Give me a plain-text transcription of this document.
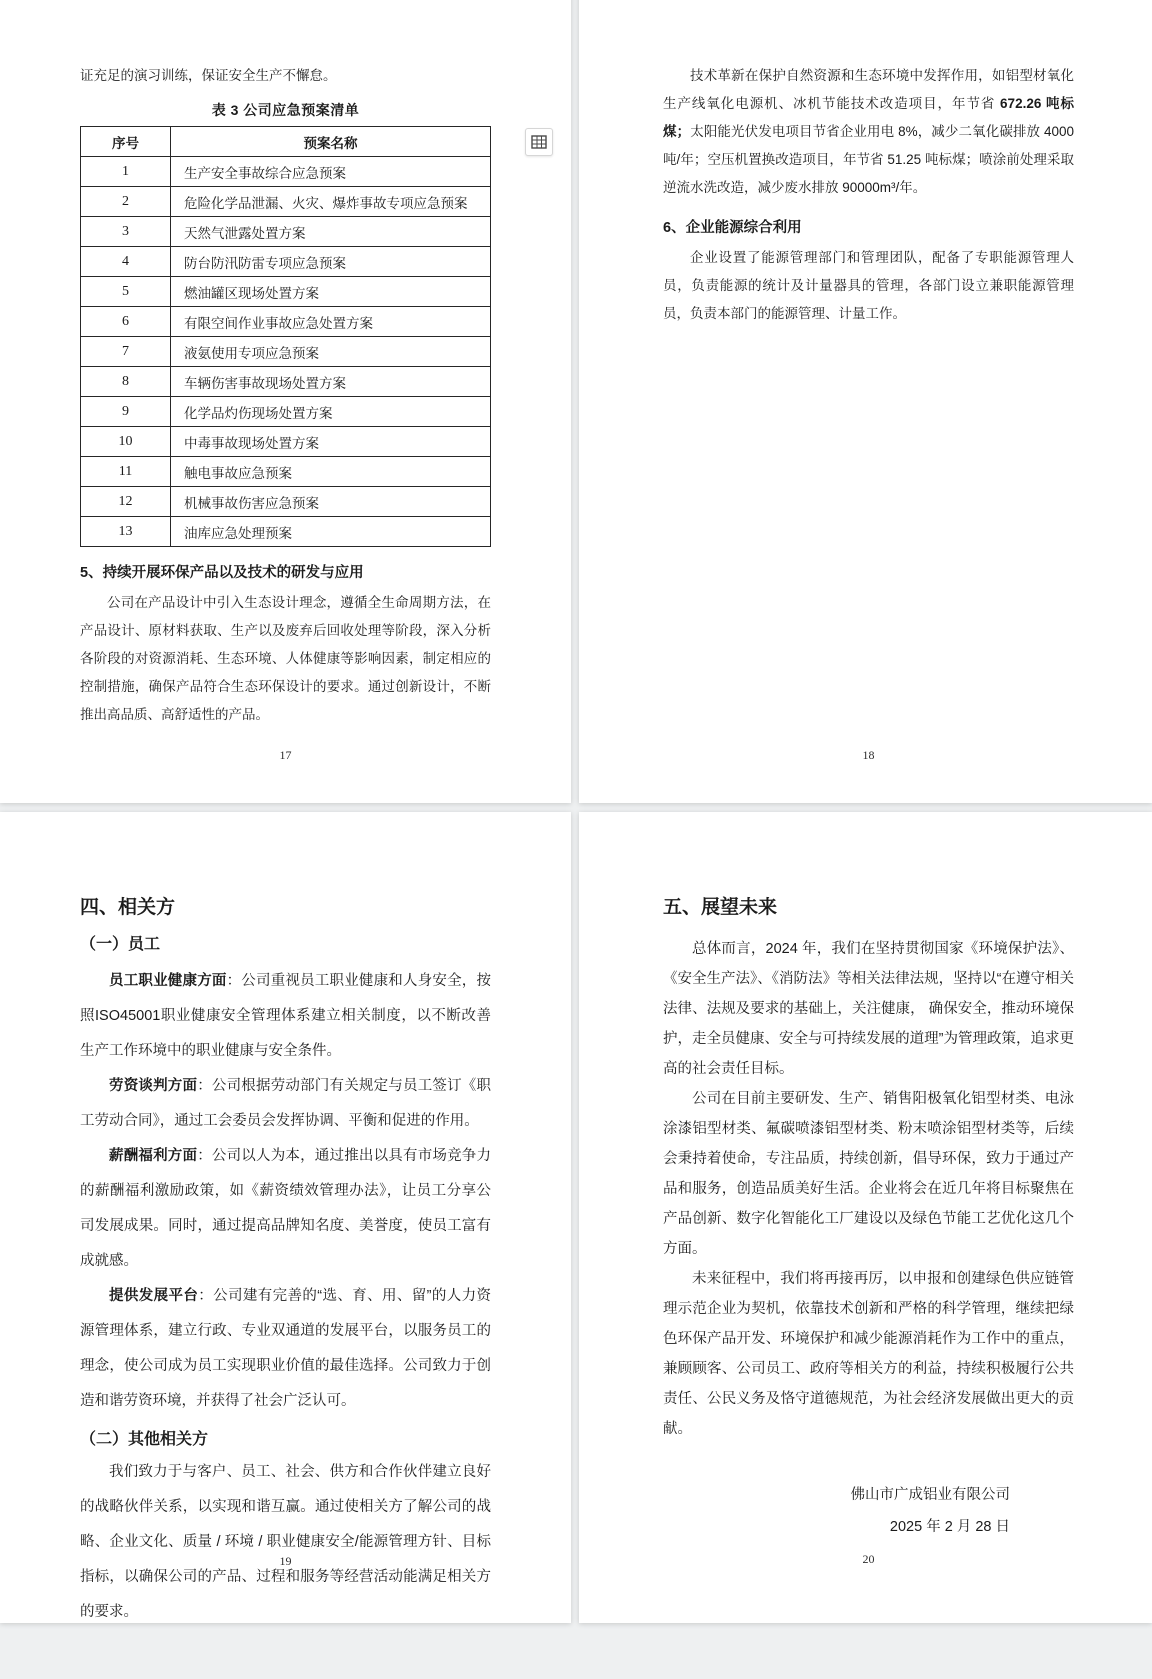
证充足的演习训练，保证安全生产不懈怠。

表 3 公司应急预案清单
序号	预案名称
1	生产安全事故综合应急预案
2	危险化学品泄漏、火灾、爆炸事故专项应急预案
3	天然气泄露处置方案
4	防台防汛防雷专项应急预案
5	燃油罐区现场处置方案
6	有限空间作业事故应急处置方案
7	液氨使用专项应急预案
8	车辆伤害事故现场处置方案
9	化学品灼伤现场处置方案
10	中毒事故现场处置方案
11	触电事故应急预案
12	机械事故伤害应急预案
13	油库应急处理预案
5、持续开展环保产品以及技术的研发与应用

公司在产品设计中引入生态设计理念，遵循全生命周期方法，在产品设计、原材料获取、生产以及废弃后回收处理等阶段，深入分析各阶段的对资源消耗、生态环境、人体健康等影响因素，制定相应的控制措施，确保产品符合生态环保设计的要求。通过创新设计，不断推出高品质、高舒适性的产品。

17

技术革新在保护自然资源和生态环境中发挥作用，如铝型材氧化生产线氧化电源机、冰机节能技术改造项目，年节省 672.26 吨标煤；太阳能光伏发电项目节省企业用电 8%，减少二氧化碳排放 4000 吨/年；空压机置换改造项目，年节省 51.25 吨标煤；喷涂前处理采取逆流水洗改造，减少废水排放 90000m³/年。

6、企业能源综合利用

企业设置了能源管理部门和管理团队，配备了专职能源管理人员，负责能源的统计及计量器具的管理，各部门设立兼职能源管理员，负责本部门的能源管理、计量工作。

18
四、相关方
（一）员工

员工职业健康方面：公司重视员工职业健康和人身安全，按照ISO45001职业健康安全管理体系建立相关制度，以不断改善生产工作环境中的职业健康与安全条件。

劳资谈判方面：公司根据劳动部门有关规定与员工签订《职工劳动合同》，通过工会委员会发挥协调、平衡和促进的作用。

薪酬福利方面：公司以人为本，通过推出以具有市场竞争力的薪酬福利激励政策，如《薪资绩效管理办法》，让员工分享公司发展成果。同时，通过提高品牌知名度、美誉度，使员工富有成就感。

提供发展平台：公司建有完善的“选、育、用、留”的人力资源管理体系，建立行政、专业双通道的发展平台，以服务员工的理念，使公司成为员工实现职业价值的最佳选择。公司致力于创造和谐劳资环境，并获得了社会广泛认可。

（二）其他相关方

我们致力于与客户、员工、社会、供方和合作伙伴建立良好的战略伙伴关系，以实现和谐互赢。通过使相关方了解公司的战略、企业文化、质量 / 环境 / 职业健康安全/能源管理方针、目标指标，以确保公司的产品、过程和服务等经营活动能满足相关方的要求。

19
五、展望未来

总体而言，2024 年，我们在坚持贯彻国家《环境保护法》、《安全生产法》、《消防法》等相关法律法规，坚持以“在遵守相关法律、法规及要求的基础上，关注健康， 确保安全，推动环境保护，走全员健康、安全与可持续发展的道理”为管理政策，追求更高的社会责任目标。

公司在目前主要研发、生产、销售阳极氧化铝型材类、电泳涂漆铝型材类、氟碳喷漆铝型材类、粉末喷涂铝型材类等，后续会秉持着使命，专注品质，持续创新，倡导环保，致力于通过产品和服务，创造品质美好生活。企业将会在近几年将目标聚焦在产品创新、数字化智能化工厂建设以及绿色节能工艺优化这几个方面。

未来征程中，我们将再接再厉，以申报和创建绿色供应链管理示范企业为契机，依靠技术创新和严格的科学管理，继续把绿色环保产品开发、环境保护和减少能源消耗作为工作中的重点，兼顾顾客、公司员工、政府等相关方的利益，持续积极履行公共责任、公民义务及恪守道德规范，为社会经济发展做出更大的贡献。

佛山市广成铝业有限公司
2025 年 2 月 28 日
20
